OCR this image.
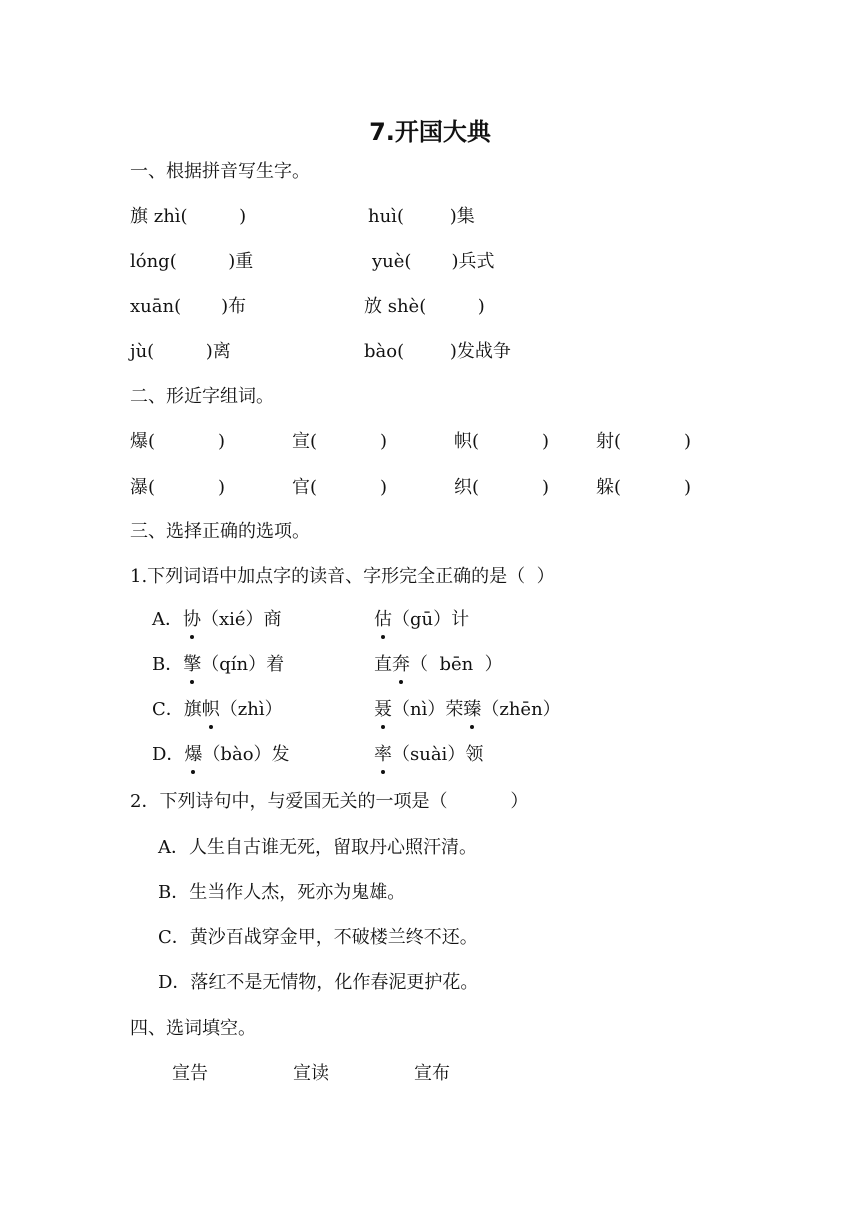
7.开国大典
一、根据拼音写生字。
旗 zhì(         )	huì(        )集
lóng(         )重	yuè(       )兵式
xuān(       )布	放 shè(         )
jù(         )离	bào(        )发战争
二、形近字组词。
爆(           )	宣(           )	帜(           )	射(           )
瀑(           )	官(           )	织(           )	躲(           )
三、选择正确的选项。
1.下列词语中加点字的读音、字形完全正确的是（  ）
A．协（xié）商	估（gū）计
B．擎（qín）着	直奔（  bēn  ）
C．旗帜（zhì）	聂（nì）荣臻（zhēn）
D．爆（bào）发	率（suài）领
2．下列诗句中，与爱国无关的一项是（           ）
A．人生自古谁无死，留取丹心照汗清。
B．生当作人杰，死亦为鬼雄。
C．黄沙百战穿金甲，不破楼兰终不还。
D．落红不是无情物，化作春泥更护花。
四、选词填空。
宣告	宣读	宣布
